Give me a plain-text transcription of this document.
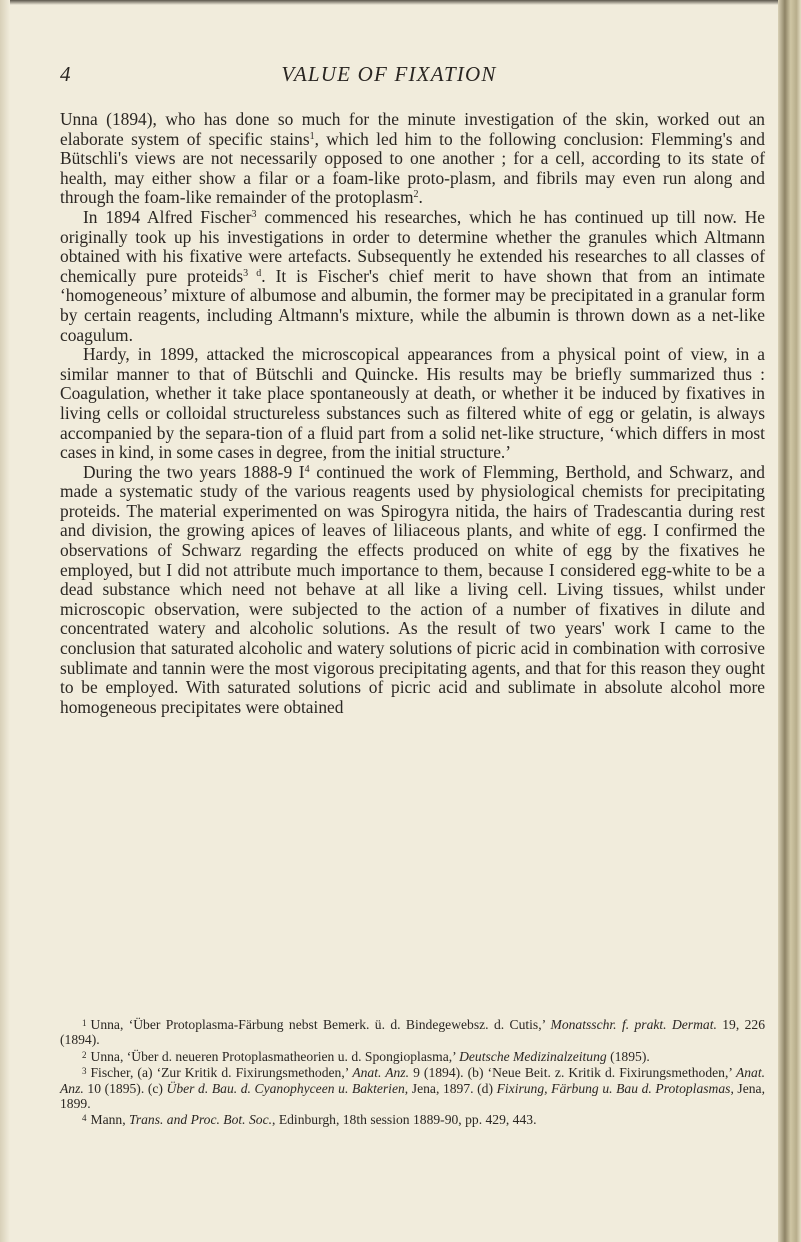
4	VALUE OF FIXATION

Unna (1894), who has done so much for the minute investigation of the skin, worked out an elaborate system of specific stains$^1$, which led him to the following conclusion: Flemming's and Bütschli's views are not necessarily opposed to one another ; for a cell, according to its state of health, may either show a filar or a foam-like proto-plasm, and fibrils may even run along and through the foam-like remainder of the protoplasm$^2$.

In 1894 Alfred Fischer$^3$ commenced his researches, which he has continued up till now. He originally took up his investigations in order to determine whether the granules which Altmann obtained with his fixative were artefacts. Subsequently he extended his researches to all classes of chemically pure proteids$^{3 d}$. It is Fischer's chief merit to have shown that from an intimate ‘homogeneous’ mixture of albumose and albumin, the former may be precipitated in a granular form by certain reagents, including Altmann's mixture, while the albumin is thrown down as a net-like coagulum.

Hardy, in 1899, attacked the microscopical appearances from a physical point of view, in a similar manner to that of Bütschli and Quincke. His results may be briefly summarized thus : Coagulation, whether it take place spontaneously at death, or whether it be induced by fixatives in living cells or colloidal structureless substances such as filtered white of egg or gelatin, is always accompanied by the separa-tion of a fluid part from a solid net-like structure, ‘which differs in most cases in kind, in some cases in degree, from the initial structure.’

During the two years 1888-9 $I^4$ continued the work of Flemming, Berthold, and Schwarz, and made a systematic study of the various reagents used by physiological chemists for precipitating proteids. The material experimented on was Spirogyra nitida, the hairs of Tradescantia during rest and division, the growing apices of leaves of liliaceous plants, and white of egg. I confirmed the observations of Schwarz regarding the effects produced on white of egg by the fixatives he employed, but I did not attribute much importance to them, because I considered egg-white to be a dead substance which need not behave at all like a living cell. Living tissues, whilst under microscopic observation, were subjected to the action of a number of fixatives in dilute and concentrated watery and alcoholic solutions. As the result of two years' work I came to the conclusion that saturated alcoholic and watery solutions of picric acid in combination with corrosive sublimate and tannin were the most vigorous precipitating agents, and that for this reason they ought to be employed. With saturated solutions of picric acid and sublimate in absolute alcohol more homogeneous precipitates were obtained

$^1$ Unna, ‘Über Protoplasma-Färbung nebst Bemerk. ü. d. Bindegewebsz. d. Cutis,’ Monatsschr. f. prakt. Dermat. 19, 226 (1894).

$^2$ Unna, ‘Über d. neueren Protoplasmatheorien u. d. Spongioplasma,’ Deutsche Medizinalzeitung (1895).

$^3$ Fischer, (a) ‘Zur Kritik d. Fixirungsmethoden,’ Anat. Anz. 9 (1894). (b) ‘Neue Beit. z. Kritik d. Fixirungsmethoden,’ Anat. Anz. 10 (1895). (c) Über d. Bau. d. Cyanophyceen u. Bakterien, Jena, 1897. (d) Fixirung, Färbung u. Bau d. Protoplasmas, Jena, 1899.

$^4$ Mann, Trans. and Proc. Bot. Soc., Edinburgh, 18th session 1889-90, pp. 429, 443.
